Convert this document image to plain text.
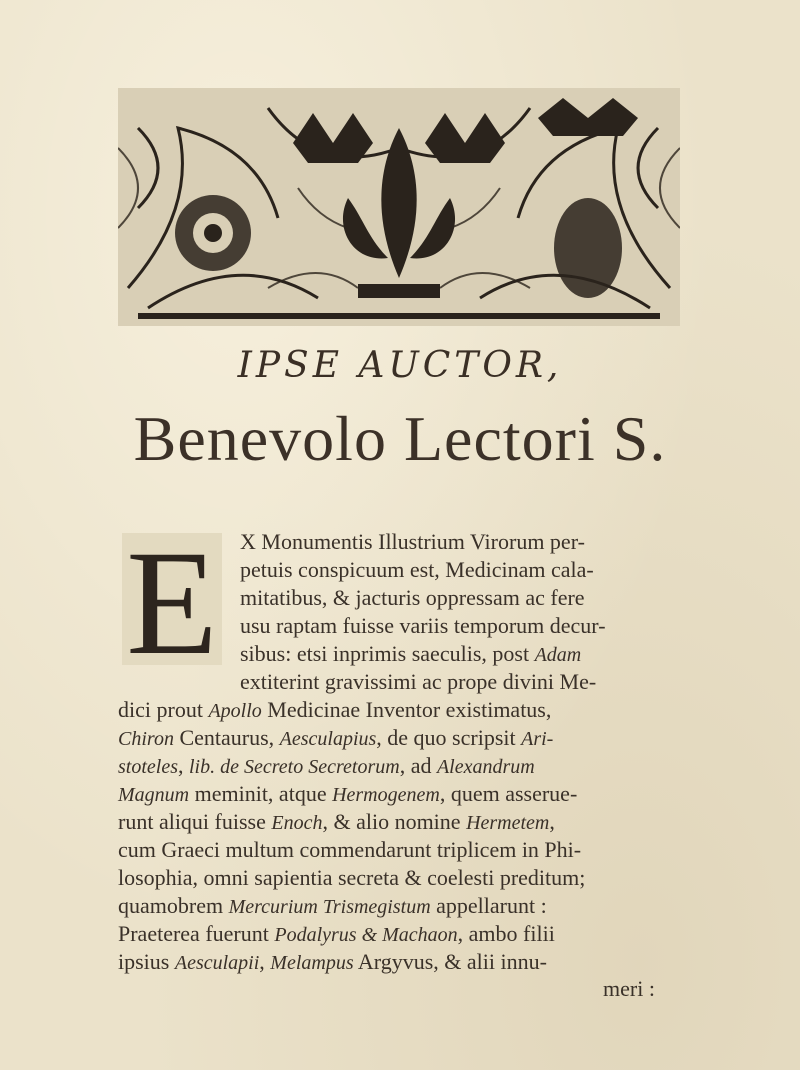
IPSE AUCTOR,
Benevolo Lectori S.
E X Monumentis Illustrium Virorum per-
petuis conspicuum est, Medicinam cala-
mitatibus, & jacturis oppressam ac fere
usu raptam fuisse variis temporum decur-
sibus: etsi inprimis saeculis, post Adam
extiterint gravissimi ac prope divini Me-
dici prout Apollo Medicinae Inventor existimatus,
Chiron Centaurus, Aesculapius, de quo scripsit Ari-
stoteles, lib. de Secreto Secretorum, ad Alexandrum
Magnum meminit, atque Hermogenem, quem asserue-
runt aliqui fuisse Enoch, & alio nomine Hermetem,
cum Graeci multum commendarunt triplicem in Phi-
losophia, omni sapientia secreta & coelesti preditum;
quamobrem Mercurium Trismegistum appellarunt :
Praeterea fuerunt Podalyrus & Machaon, ambo filii
ipsius Aesculapii, Melampus Argyvus, & alii innu-
meri :
